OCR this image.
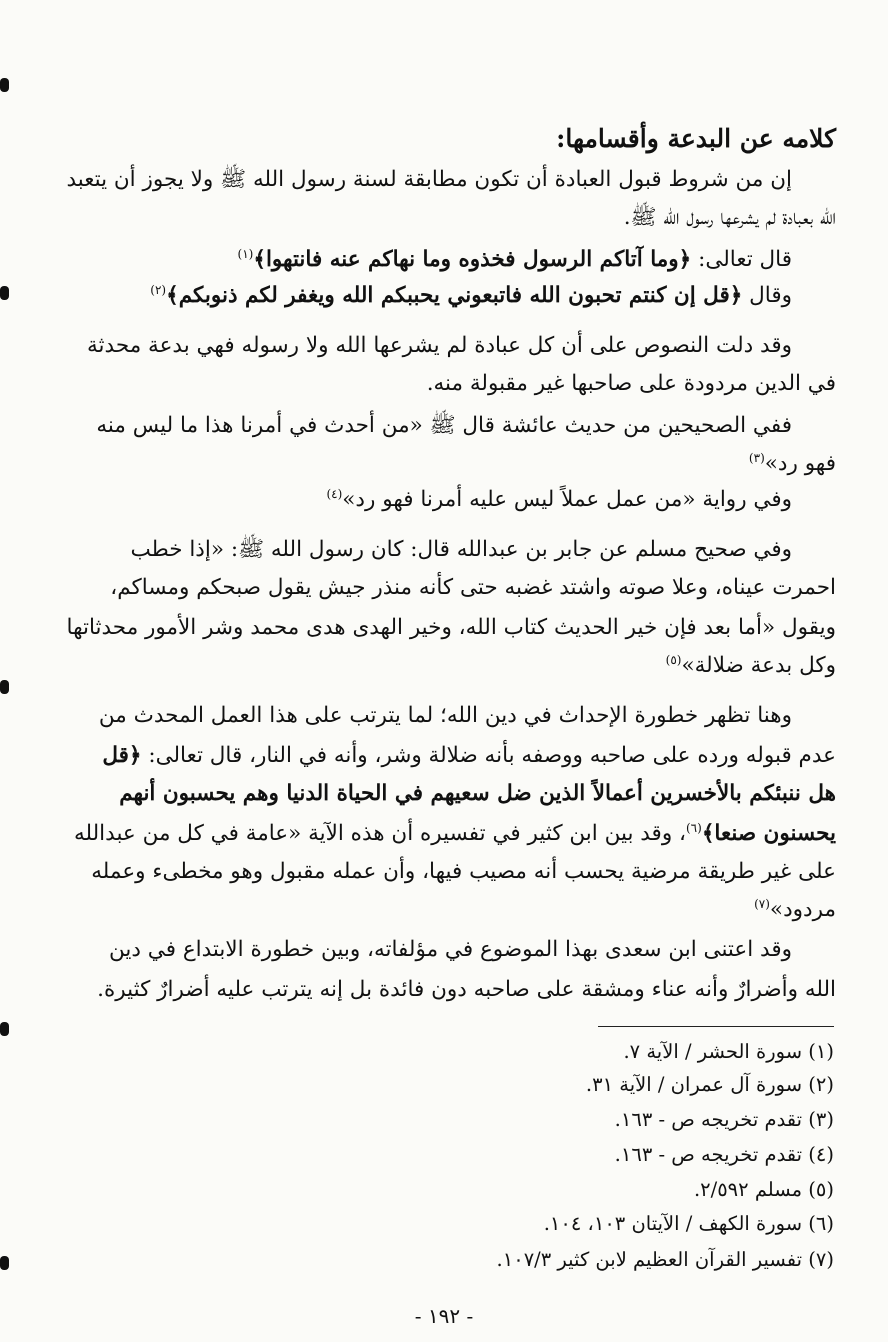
كلامه عن البدعة وأقسامها:
إن من شروط قبول العبادة أن تكون مطابقة لسنة رسول الله ﷺ ولا يجوز أن يتعبد
الله بعبادة لم يشرعها رسول الله ﷺ.
قال تعالى: ﴿وما آتاكم الرسول فخذوه وما نهاكم عنه فانتهوا﴾$^{(١)}$
وقال ﴿قل إن كنتم تحبون الله فاتبعوني يحببكم الله ويغفر لكم ذنوبكم﴾$^{(٢)}$
وقد دلت النصوص على أن كل عبادة لم يشرعها الله ولا رسوله فهي بدعة محدثة
في الدين مردودة على صاحبها غير مقبولة منه.
ففي الصحيحين من حديث عائشة قال ﷺ «من أحدث في أمرنا هذا ما ليس منه
فهو رد»$^{(٣)}$
وفي رواية «من عمل عملاً ليس عليه أمرنا فهو رد»$^{(٤)}$
وفي صحيح مسلم عن جابر بن عبدالله قال: كان رسول الله ﷺ: «إذا خطب
احمرت عيناه، وعلا صوته واشتد غضبه حتى كأنه منذر جيش يقول صبحكم ومساكم،
ويقول «أما بعد فإن خير الحديث كتاب الله، وخير الهدى هدى محمد وشر الأمور محدثاتها
وكل بدعة ضلالة»$^{(٥)}$
وهنا تظهر خطورة الإحداث في دين الله؛ لما يترتب على هذا العمل المحدث من
عدم قبوله ورده على صاحبه ووصفه بأنه ضلالة وشر، وأنه في النار، قال تعالى: ﴿قل
هل ننبئكم بالأخسرين أعمالاً الذين ضل سعيهم في الحياة الدنيا وهم يحسبون أنهم
يحسنون صنعا﴾$^{(٦)}$، وقد بين ابن كثير في تفسيره أن هذه الآية «عامة في كل من عبدالله
على غير طريقة مرضية يحسب أنه مصيب فيها، وأن عمله مقبول وهو مخطىء وعمله
مردود»$^{(٧)}$
وقد اعتنى ابن سعدى بهذا الموضوع في مؤلفاته، وبين خطورة الابتداع في دين
الله وأضرارٌ وأنه عناء ومشقة على صاحبه دون فائدة بل إنه يترتب عليه أضرارٌ كثيرة.
(١) سورة الحشر / الآية ٧.
(٢) سورة آل عمران / الآية ٣١.
(٣) تقدم تخريجه ص - ١٦٣.
(٤) تقدم تخريجه ص - ١٦٣.
(٥) مسلم ٢/٥٩٢.
(٦) سورة الكهف / الآيتان ١٠٣، ١٠٤.
(٧) تفسير القرآن العظيم لابن كثير ١٠٧/٣.
- ١٩٢ -
